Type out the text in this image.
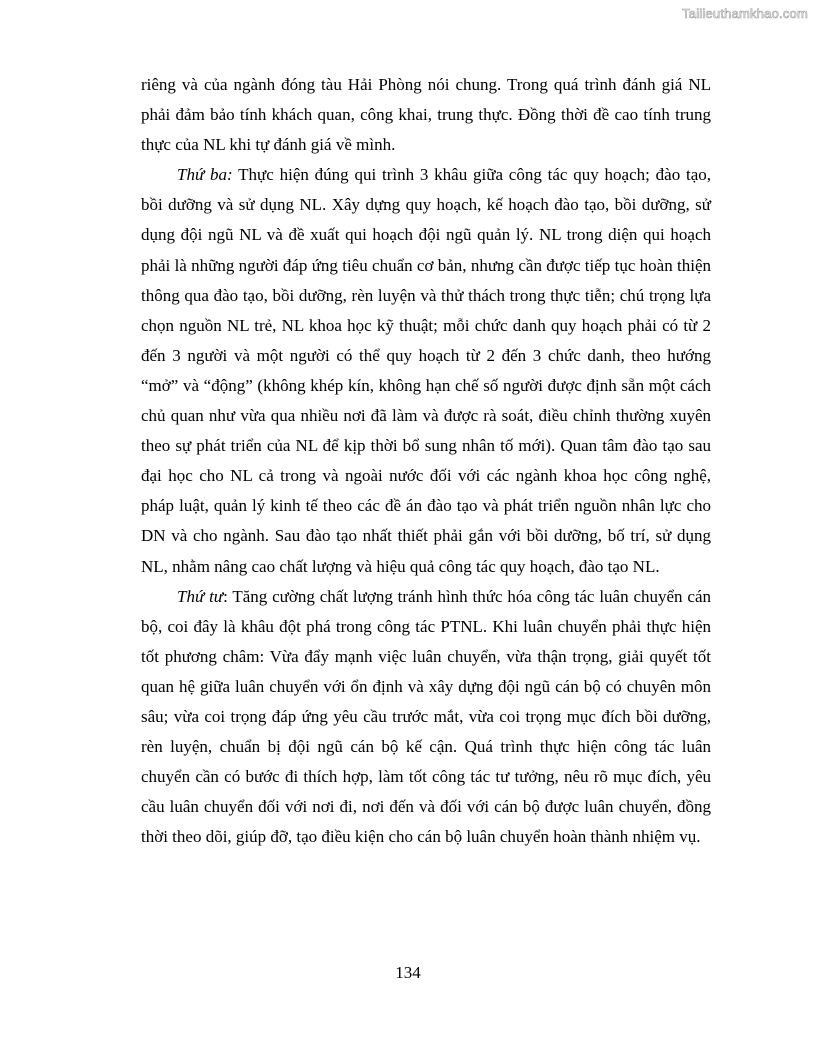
Tailieuthamkhao.com

riêng và của ngành đóng tàu Hải Phòng nói chung. Trong quá trình đánh giá NL phải đảm bảo tính khách quan, công khai, trung thực. Đồng thời đề cao tính trung thực của NL khi tự đánh giá về mình.

Thứ ba: Thực hiện đúng qui trình 3 khâu giữa công tác quy hoạch; đào tạo, bồi dưỡng và sử dụng NL. Xây dựng quy hoạch, kế hoạch đào tạo, bồi dưỡng, sử dụng đội ngũ NL và đề xuất qui hoạch đội ngũ quản lý. NL trong diện qui hoạch phải là những người đáp ứng tiêu chuẩn cơ bản, nhưng cần được tiếp tục hoàn thiện thông qua đào tạo, bồi dưỡng, rèn luyện và thử thách trong thực tiễn; chú trọng lựa chọn nguồn NL trẻ, NL khoa học kỹ thuật; mỗi chức danh quy hoạch phải có từ 2 đến 3 người và một người có thể quy hoạch từ 2 đến 3 chức danh, theo hướng “mở” và “động” (không khép kín, không hạn chế số người được định sẵn một cách chủ quan như vừa qua nhiều nơi đã làm và được rà soát, điều chỉnh thường xuyên theo sự phát triển của NL để kịp thời bổ sung nhân tố mới). Quan tâm đào tạo sau đại học cho NL cả trong và ngoài nước đối với các ngành khoa học công nghệ, pháp luật, quản lý kinh tế theo các đề án đào tạo và phát triển nguồn nhân lực cho DN và cho ngành. Sau đào tạo nhất thiết phải gắn với bồi dưỡng, bố trí, sử dụng NL, nhằm nâng cao chất lượng và hiệu quả công tác quy hoạch, đào tạo NL.

Thứ tư: Tăng cường chất lượng tránh hình thức hóa công tác luân chuyển cán bộ, coi đây là khâu đột phá trong công tác PTNL. Khi luân chuyển phải thực hiện tốt phương châm: Vừa đẩy mạnh việc luân chuyển, vừa thận trọng, giải quyết tốt quan hệ giữa luân chuyển với ổn định và xây dựng đội ngũ cán bộ có chuyên môn sâu; vừa coi trọng đáp ứng yêu cầu trước mắt, vừa coi trọng mục đích bồi dưỡng, rèn luyện, chuẩn bị đội ngũ cán bộ kế cận. Quá trình thực hiện công tác luân chuyển cần có bước đi thích hợp, làm tốt công tác tư tưởng, nêu rõ mục đích, yêu cầu luân chuyển đối với nơi đi, nơi đến và đối với cán bộ được luân chuyển, đồng thời theo dõi, giúp đỡ, tạo điều kiện cho cán bộ luân chuyển hoàn thành nhiệm vụ.

134
